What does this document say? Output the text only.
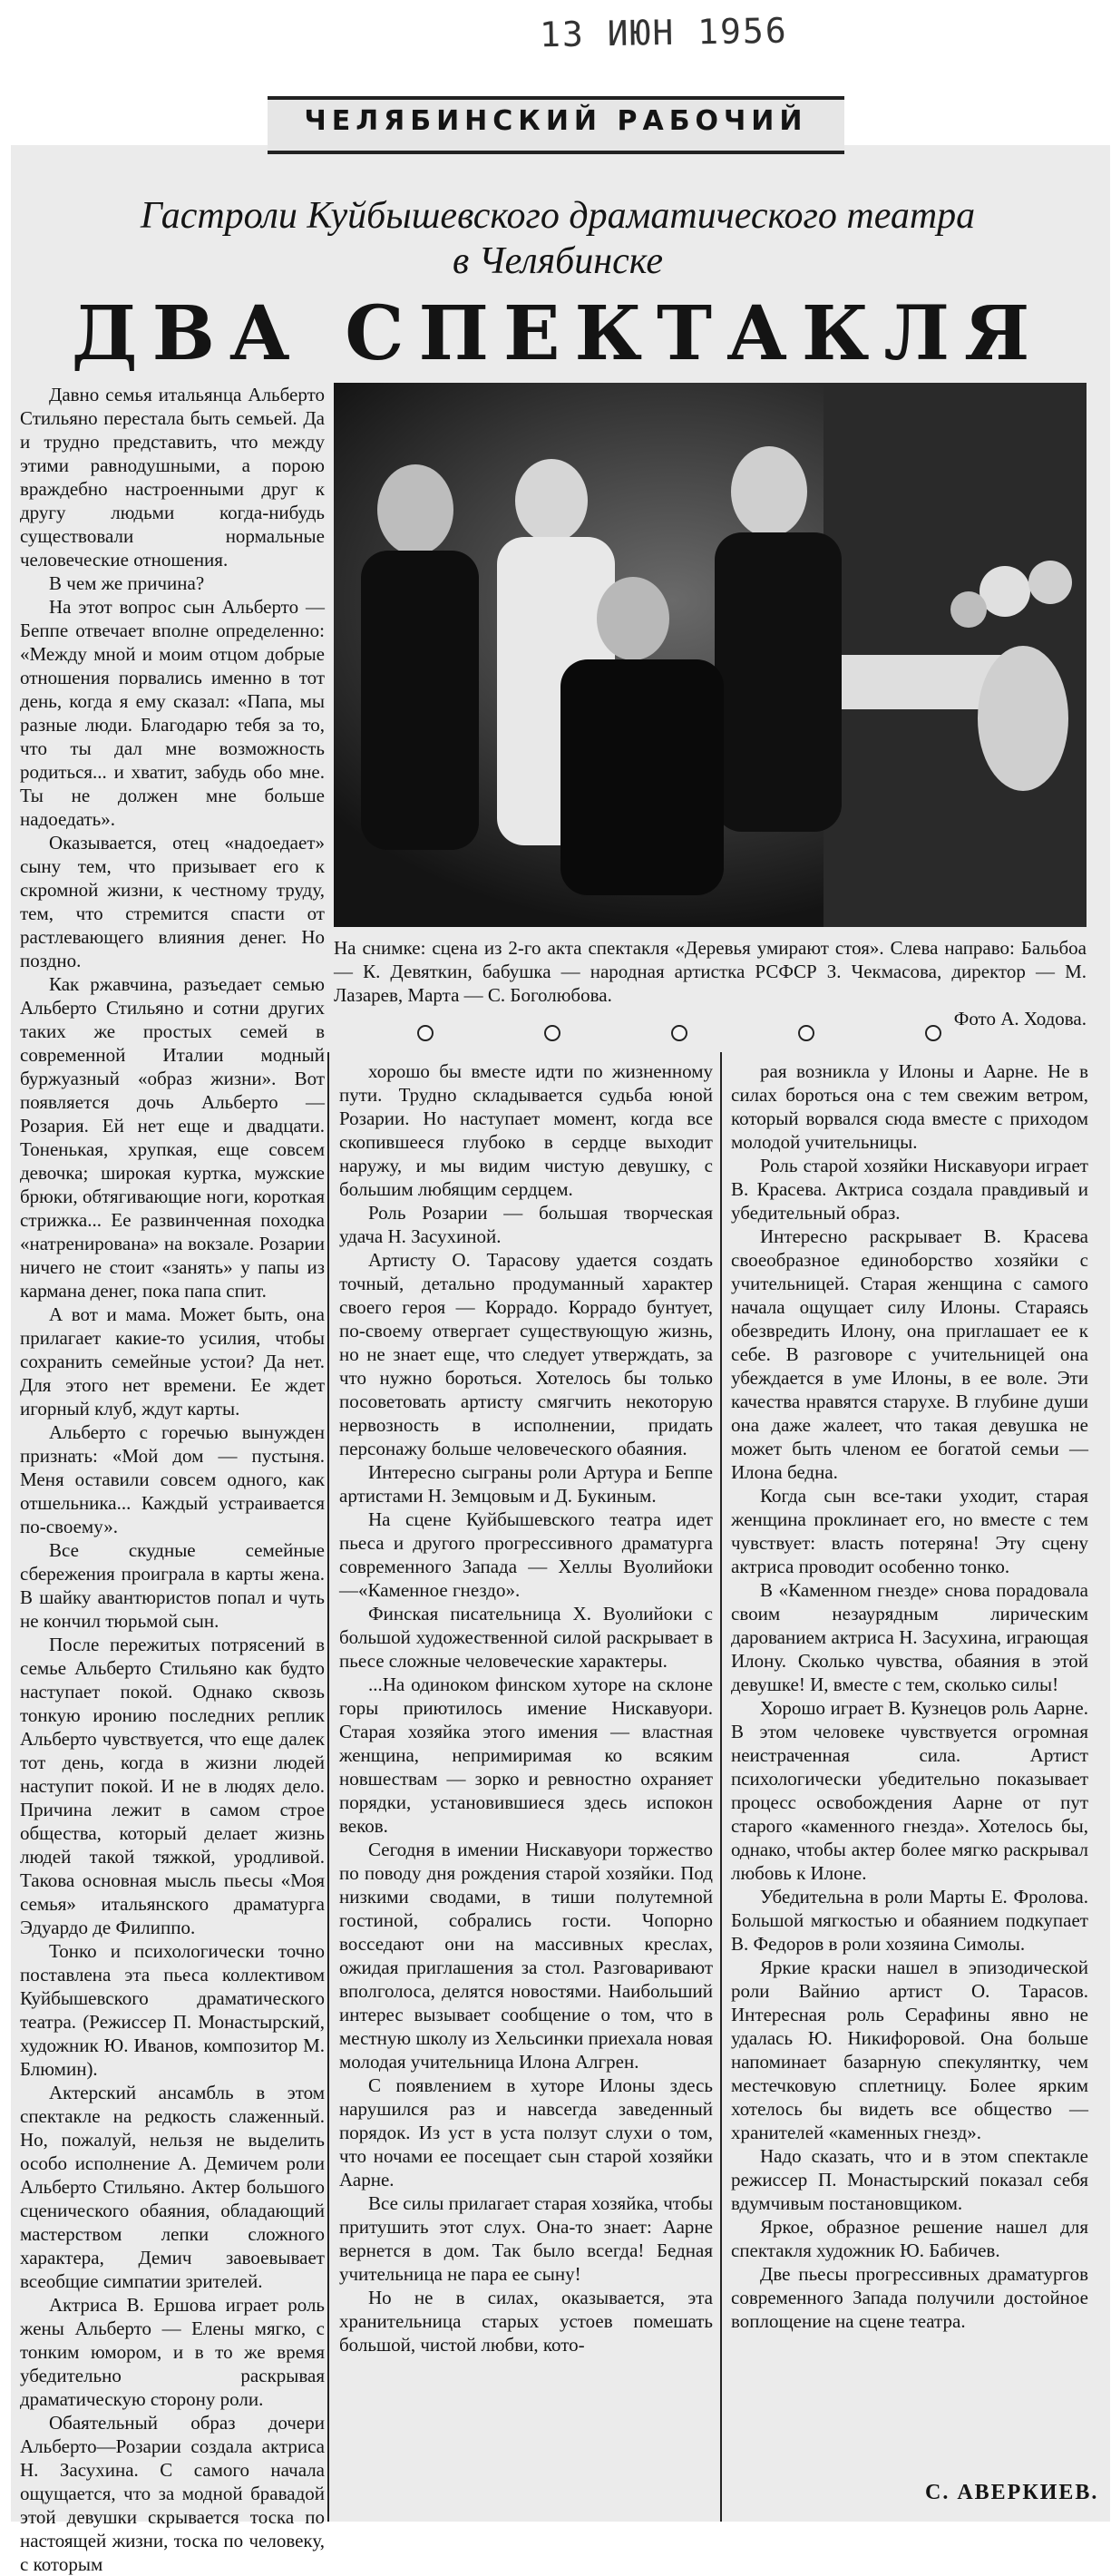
13 ИЮН 1956
ЧЕЛЯБИНСКИЙ РАБОЧИЙ
Гастроли Куйбышевского драматического театра
в Челябинске
ДВА СПЕКТАКЛЯ
На снимке: сцена из 2-го акта спектакля «Деревья умирают стоя». Слева направо: Бальбоа — К. Девяткин, бабушка — народная артистка РСФСР З. Чекмасова, директор — М. Лазарев, Марта — С. Боголюбова.
Фото А. Ходова.

Давно семья итальянца Альберто Стильяно перестала быть семьей. Да и трудно представить, что между этими равнодушными, а порою враждебно настроенными друг к другу людьми когда-нибудь существовали нормальные человеческие отношения.

В чем же причина?

На этот вопрос сын Альберто — Бeппе отвечает вполне определенно: «Между мной и моим отцом добрые отношения порвались именно в тот день, когда я ему сказал: «Папа, мы разные люди. Благодарю тебя за то, что ты дал мне возможность родиться... и хватит, забудь обо мне. Ты не должен мне больше надоедать».

Оказывается, отец «надоедает» сыну тем, что призывает его к скромной жизни, к честному труду, тем, что стремится спасти от растлевающего влияния денег. Но поздно.

Как ржавчина, разъедает семью Альберто Стильяно и сотни других таких же простых семей в современной Италии модный буржуазный «образ жизни». Вот появляется дочь Альберто — Розария. Ей нет еще и двадцати. Тоненькая, хрупкая, еще совсем девочка; широкая куртка, мужские брюки, обтягивающие ноги, короткая стрижка... Ее развинченная походка «натренирована» на вокзале. Розарии ничего не стоит «занять» у папы из кармана денег, пока папа спит.

А вот и мама. Может быть, она прилагает какие-то усилия, чтобы сохранить семейные устои? Да нет. Для этого нет времени. Ее ждет игорный клуб, ждут карты.

Альберто с горечью вынужден признать: «Мой дом — пустыня. Меня оставили совсем одного, как отшельника... Каждый устраивается по-своему».

Все скудные семейные сбережения проиграла в карты жена. В шайку авантюристов попал и чуть не кончил тюрьмой сын.

После пережитых потрясений в семье Альберто Стильяно как будто наступает покой. Однако сквозь тонкую иронию последних реплик Альберто чувствуется, что еще далек тот день, когда в жизни людей наступит покой. И не в людях дело. Причина лежит в самом строе общества, который делает жизнь людей такой тяжкой, уродливой. Такова основная мысль пьесы «Моя семья» итальянского драматурга Эдуардо де Филиппо.

Тонко и психологически точно поставлена эта пьеса коллективом Куйбышевского драматического театра. (Режиссер П. Монастырский, художник Ю. Иванов, композитор М. Блюмин).

Актерский ансамбль в этом спектакле на редкость слаженный. Но, пожалуй, нельзя не выделить особо исполнение А. Демичем роли Альберто Стильяно. Актер большого сценического обаяния, обладающий мастерством лепки сложного характера, Демич завоевывает всеобщие симпатии зрителей.

Актриса В. Ершова играет роль жены Альберто — Елены мягко, с тонким юмором, и в то же время убедительно раскрывая драматическую сторону роли.

Обаятельный образ дочери Альберто—Розарии создала актриса Н. Засухина. С самого начала ощущается, что за модной бравадой этой девушки скрывается тоска по настоящей жизни, тоска по человеку, с которым

хорошо бы вместе идти по жизненному пути. Трудно складывается судьба юной Розарии. Но наступает момент, когда все скопившееся глубоко в сердце выходит наружу, и мы видим чистую девушку, с большим любящим сердцем.

Роль Розарии — большая творческая удача Н. Засухиной.

Артисту О. Тарасову удается создать точный, детально продуманный характер своего героя — Коррадо. Коррадо бунтует, по-своему отвергает существующую жизнь, но не знает еще, что следует утверждать, за что нужно бороться. Хотелось бы только посоветовать артисту смягчить некоторую нервозность в исполнении, придать персонажу больше человеческого обаяния.

Интересно сыграны роли Артура и Беппе артистами Н. Земцовым и Д. Букиным.

На сцене Куйбышевского театра идет пьеса и другого прогрессивного драматурга современного Запада — Хеллы Вуолийоки—«Каменное гнездо».

Финская писательница Х. Вуолийоки с большой художественной силой раскрывает в пьесе сложные человеческие характеры.

...На одиноком финском хуторе на склоне горы приютилось имение Нискавуори. Старая хозяйка этого имения — властная женщина, непримиримая ко всяким новшествам — зорко и ревностно охраняет порядки, установившиеся здесь испокон веков.

Сегодня в имении Нискавуори торжество по поводу дня рождения старой хозяйки. Под низкими сводами, в тиши полутемной гостиной, собрались гости. Чопорно восседают они на массивных креслах, ожидая приглашения за стол. Разговаривают вполголоса, делятся новостями. Наибольший интерес вызывает сообщение о том, что в местную школу из Хельсинки приехала новая молодая учительница Илона Алгрен.

С появлением в хуторе Илоны здесь нарушился раз и навсегда заведенный порядок. Из уст в уста ползут слухи о том, что ночами ее посещает сын старой хозяйки Аарне.

Все силы прилагает старая хозяйка, чтобы притушить этот слух. Она-то знает: Аарне вернется в дом. Так было всегда! Бедная учительница не пара ее сыну!

Но не в силах, оказывается, эта хранительница старых устоев помешать большой, чистой любви, кото-

рая возникла у Илоны и Аарне. Не в силах бороться она с тем свежим ветром, который ворвался сюда вместе с приходом молодой учительницы.

Роль старой хозяйки Нискавуори играет В. Красева. Актриса создала правдивый и убедительный образ.

Интересно раскрывает В. Красева своеобразное единоборство хозяйки с учительницей. Старая женщина с самого начала ощущает силу Илоны. Стараясь обезвредить Илону, она приглашает ее к себе. В разговоре с учительницей она убеждается в уме Илоны, в ее воле. Эти качества нравятся старухе. В глубине души она даже жалеет, что такая девушка не может быть членом ее богатой семьи — Илона бедна.

Когда сын все-таки уходит, старая женщина проклинает его, но вместе с тем чувствует: власть потеряна! Эту сцену актриса проводит особенно тонко.

В «Каменном гнезде» снова порадовала своим незаурядным лирическим дарованием актриса Н. Засухина, играющая Илону. Сколько чувства, обаяния в этой девушке! И, вместе с тем, сколько силы!

Хорошо играет В. Кузнецов роль Аарне. В этом человеке чувствуется огромная неистраченная сила. Артист психологически убедительно показывает процесс освобождения Аарне от пут старого «каменного гнезда». Хотелось бы, однако, чтобы актер более мягко раскрывал любовь к Илоне.

Убедительна в роли Марты Е. Фролова. Большой мягкостью и обаянием подкупает В. Федоров в роли хозяина Симолы.

Яркие краски нашел в эпизодической роли Вайнио артист О. Тарасов. Интересная роль Серафины явно не удалась Ю. Никифоровой. Она больше напоминает базарную спекулянтку, чем местечковую сплетницу. Более ярким хотелось бы видеть все общество — хранителей «каменных гнезд».

Надо сказать, что и в этом спектакле режиссер П. Монастырский показал себя вдумчивым постановщиком.

Яркое, образное решение нашел для спектакля художник Ю. Бабичев.

Две пьесы прогрессивных драматургов современного Запада получили достойное воплощение на сцене театра.

С. АВЕРКИЕВ.
